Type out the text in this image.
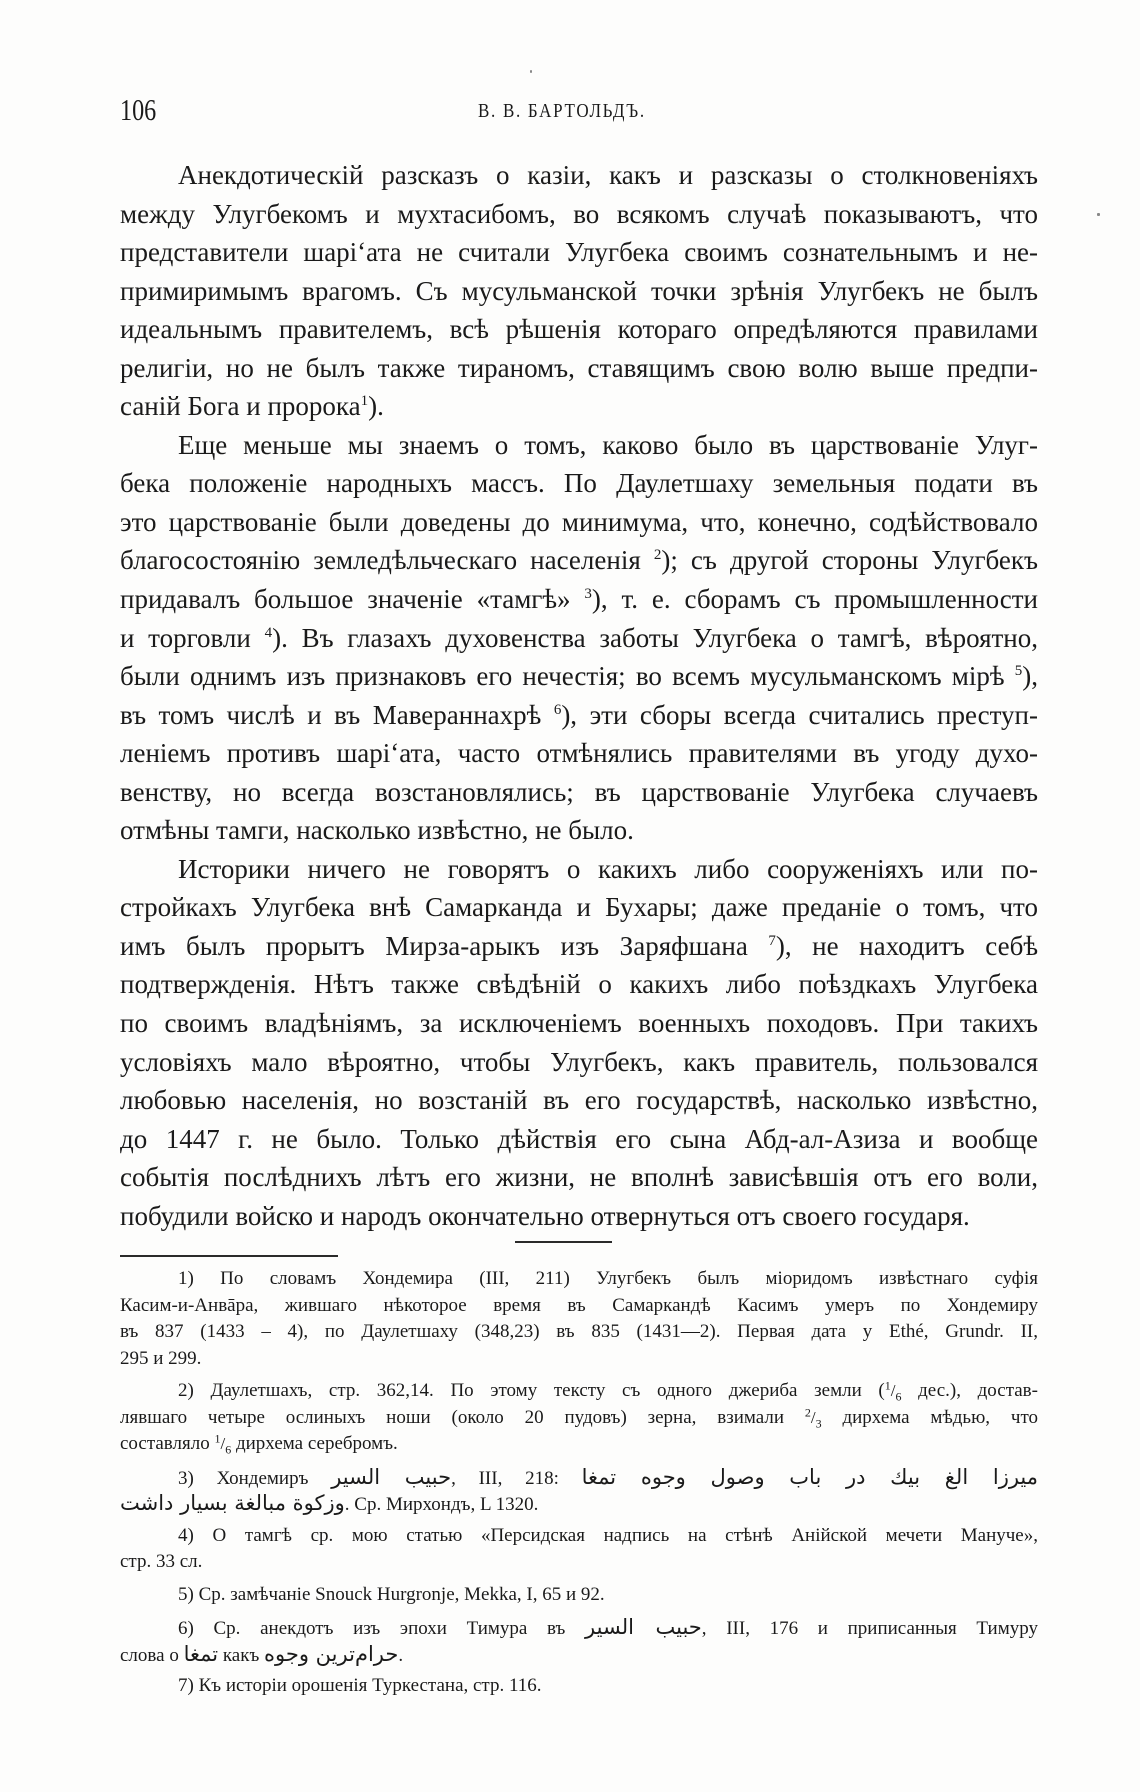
106	В. В. БАРТОЛЬДЪ.
Анекдотическій разсказъ о казіи, какъ и разсказы о столкновеніяхъ
между Улугбекомъ и мухтасибомъ, во всякомъ случаѣ показываютъ, что
представители шарі‘ата не считали Улугбека своимъ сознательнымъ и не-
примиримымъ врагомъ. Съ мусульманской точки зрѣнія Улугбекъ не былъ
идеальнымъ правителемъ, всѣ рѣшенія котораго опредѣляются правилами
религіи, но не былъ также тираномъ, ставящимъ свою волю выше предпи-
санiй Бога и пророка$^1$).
Еще меньше мы знаемъ о томъ, каково было въ царствованіе Улуг-
бека положеніе народныхъ массъ. По Даулетшаху земельныя подати въ
это царствованіе были доведены до минимума, что, конечно, содѣйствовало
благосостоянію земледѣльческаго населенія $^2$); съ другой стороны Улугбекъ
придавалъ большое значеніе «тамгѣ» $^3$), т. е. сборамъ съ промышленности
и торговли $^4$). Въ глазахъ духовенства заботы Улугбека о тамгѣ, вѣроятно,
были однимъ изъ признаковъ его нечестія; во всемъ мусульманскомъ мірѣ $^5$),
въ томъ числѣ и въ Мавераннахрѣ $^6$), эти сборы всегда считались преступ-
леніемъ противъ шарі‘ата, часто отмѣнялись правителями въ угоду духо-
венству, но всегда возстановлялись; въ царствованіе Улугбека случаевъ
отмѣны тамги, насколько извѣстно, не было.
Историки ничего не говорятъ о какихъ либо сооруженіяхъ или по-
стройкахъ Улугбека внѣ Самарканда и Бухары; даже преданіе о томъ, что
имъ былъ прорытъ Мирза-арыкъ изъ Заряфшана $^7$), не находитъ себѣ
подтвержденія. Нѣтъ также свѣдѣній о какихъ либо поѣздкахъ Улугбека
по своимъ владѣніямъ, за исключеніемъ военныхъ походовъ. При такихъ
условіяхъ мало вѣроятно, чтобы Улугбекъ, какъ правитель, пользовался
любовью населенія, но возстаній въ его государствѣ, насколько извѣстно,
до 1447 г. не было. Только дѣйствія его сына Абд-ал-Азиза и вообще
событія послѣднихъ лѣтъ его жизни, не вполнѣ зависѣвшія отъ его воли,
побудили войско и народъ окончательно отвернуться отъ своего государя.
1) По словамъ Хондемира (III, 211) Улугбекъ былъ міоридомъ извѣстнаго суфія
Касим-и-Анвāра, жившаго нѣкоторое время въ Самаркандѣ Касимъ умеръ по Хондемиру
въ 837 (1433 – 4), по Даулетшаху (348,23) въ 835 (1431—2). Первая дата у Ethé, Grundr. II,
295 и 299.
2) Даулетшахъ, стр. 362,14. По этому тексту съ одного джериба земли ($^1/_6$ дес.), достав-
лявшаго четыре ослиныхъ ноши (около 20 пудовъ) зерна, взимали $^2/_3$ дирхема мѣдью, что
составляло $^1/_6$ дирхема серебромъ.
3) Хондемиръ حبيب السير, III, 218: ميرزا الغ بيك در باب وصول وجوه تمغا
وزكوة مبالغة بسيار داشت. Ср. Мирхондъ, L 1320.
4) О тамгѣ ср. мою статью «Персидская надпись на стѣнѣ Анійской мечети Мануче»,
стр. 33 сл.
5) Ср. замѣчаніе Snouck Hurgronje, Mekka, I, 65 и 92.
6) Ср. анекдотъ изъ эпохи Тимура въ حبيب السير, III, 176 и приписанныя Тимуру
слова о تمغا какъ حرام‌ترين وجوه.
7) Къ исторіи орошенія Туркестана, стр. 116.
